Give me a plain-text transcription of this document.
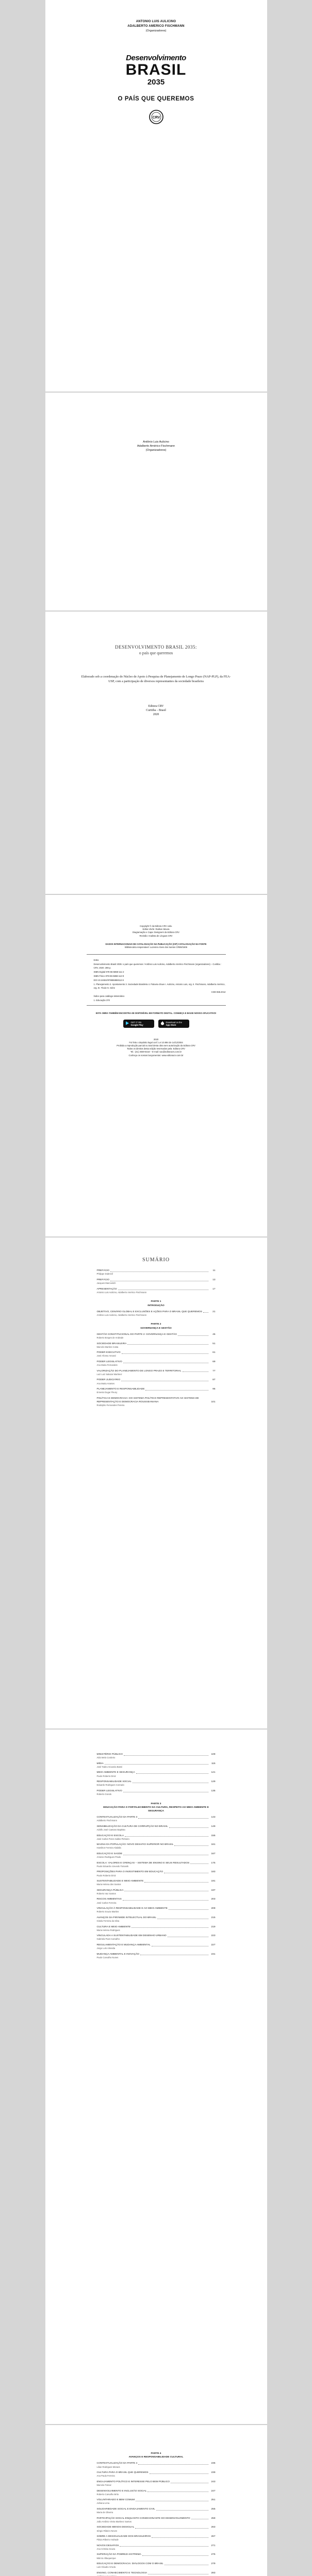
ANTONIO LUIS AULICINO
ADALBERTO AMERICO FISCHMANN
(Organizadores)
Desenvolvimento
BRASIL
2035
O PAÍS QUE QUEREMOS
CRV
Antônio Luis Aulicino
Adalberto Américo Fischmann
(Organizadores)
DESENVOLVIMENTO BRASIL 2035:
o país que queremos
Elaborado sob a coordenação do Núcleo de Apoio à Pesquisa de Planejamento de Longo Prazo (NAP-PLP), da FEA-USP, com a participação de diversos representantes da sociedade brasileira
Editora CRV
Curitiba – Brasil
2020
Copyright © da Editora CRV Ltda.
Editor-chefe: Railson Moura
Diagramação e Capa: Designers da Editora CRV
Revisão: Analista de Línguas CRV
DADOS INTERNACIONAIS DE CATALOGAÇÃO NA PUBLICAÇÃO (CIP) CATALOGAÇÃO NA FONTE
Bibliotecária responsável: Luzenira Alves dos Santos CRB9/1506
D451
Desenvolvimento Brasil 2035: o país que queremos / Antônio Luis Aulicino, Adalberto Américo Fischmann (organizadores) – Curitiba : CRV, 2020. 286 p.
ISBN Digital 978-65-5868-111-2
ISBN Físico 978-65-5868-112-9
DOI 10.24824/978655868112.9
1. Planejamento 2. Apontamento 3. Sociedade Brasileira 4. Palavra-chave I. Aulicino, Antonio Luis, org. II. Fischmann, Adalberto Américo, org. III. Título IV. Série
CDD 658.4012
Índice para catálogo sistemático
1. Educação 370
ESTA OBRA TAMBÉM ENCONTRA-SE DISPONÍVEL EM FORMATO DIGITAL. CONHEÇA E BAIXE NOSSO APLICATIVO!
GET IT ON
Google Play
Download on the
App Store
2020
Foi feito o depósito legal conf. Lei 10.994 de 14/12/2004
Proibida a reprodução parcial ou total desta obra sem autorização da Editora CRV
Todos os direitos desta edição reservados pela: Editora CRV
Tel.: (41) 3039-6418 – E-mail: sac@editoracrv.com.br
Conheça os nossos lançamentos: www.editoracrv.com.br
SUMÁRIO
PREFÁCIO	11
Philippe Dubrevil
PREFÁCIO	13
Jacques Marcovitch
APRESENTAÇÃO	17
Antonio Luis Aulicino, Adalberto Américo Fischmann
PARTE 1
INTRODUÇÃO
OBJETIVO, CENÁRIO GLOBAL E EXCLUSÕES E AÇÕES PARA O BRASIL QUE QUEREMOS	21
Antônio Luis Aulicino, Adalberto Américo Fischmann
PARTE 2
GOVERNANÇA E GESTÃO
GESTÃO CONSTITUCIONAL DO PARTE 2: GOVERNANÇA E GESTÃO	45
Roberto Borges de Andrade
SOCIEDADE BRASILEIRA	51
Marcelo Martins Costa
PODER EXECUTIVO	61
José Afonso Amaral
PODER LEGISLATIVO	69
Ana Maria Fernandes
VALORIZAÇÃO DO PLANEJAMENTO DE LONGO PRAZO E TERRITORIAL	77
Luiz Luiz Salazar Martinez
PODER JUDICIÁRIO	87
Ana Maria Arantes
PLANEJAMENTO E RESPONSABILIDADE	95
Ernesto Dugar Fleury
POLÍTICA E DEMOCRACIA: DO SISTEMA POLÍTICO REPRESENTATIVO AO SISTEMA DE REPRESENTAÇÃO E DEMOCRACIA ROUSSEANIANA	101
Rodolpho Fernandes Pereira
MINISTÉRIO PÚBLICO	109
Aldo Melo Cordeiro
MÍDIA	115
José Tadeu Gouveia Bassi
MEIO AMBIENTE E SEGURANÇA	121
Paulo Roberto Diniz
RESPONSABILIDADE SOCIAL	129
Eduardo Rodrigues Conrado
PODER LEGISLATIVO	135
Roberto Gondo
PARTE 3
EDUCAÇÃO PARA O FORTALECIMENTO DA CULTURA, RESPEITO AO MEIO AMBIENTE E SEGURANÇA
CONTEXTUALIZAÇÃO DA PARTE 3	143
Adalberto Fischmann
SENSIBILIZAÇÃO DA CULTURA DE CORRUPÇÃO NO BRASIL	149
Adolfo José Caetano Baptista
EDUCAÇÃO E ESCOLA	155
José Carlos Peres Salles Pinheiro
MAGNA DA POPULAÇÃO: NOVO DESAFIO SUPERIOR NO BRASIL	161
Hamilton Ferreira Abdalla
EDUCAÇÃO E SAÚDE	167
Antonio Rodrigues Prado
ESCOLA: VALORES E CRENÇAS – SISTEMA DE ENSINO E SEUS RESULTADOS	175
Paulo Eduardo Azevedo Tomanik
PROPOSIÇÕES PARA O INVESTIMENTO EM EDUCAÇÃO	183
Paulo Roberto Diniz
SUSTENTABILIDADE E MEIO AMBIENTE	191
Maria Helena dos Santos
SEGURANÇA PÚBLICA	197
Roberto Vaz Santos
RISCOS AMBIENTAIS	203
José Carlos Ferreira
VINCULAÇÃO À RESPONSABILIDADE E AO MEIO AMBIENTE	209
Roberto Souza Martins
AVANÇOS DA PIRÂMIDE INTELECTUAL DO BRASIL	215
Gisela Ferreira da Silva
CULTURA E MEIO AMBIENTE	219
Maria Helena Rodrigues
VINCULADA A SUSTENTABILIDADE EM DESENHO URBANO	223
Gabriela Paes Carvalho
REGULAMENTAÇÃO E MUDANÇA AMBIENTAL	227
Jorge Luís Almeida
MUDANÇA AMBIENTAL E INOVAÇÃO	231
Paulo Carvalho Nunes
PARTE 4
AVANÇOS E RESPONSABILIDADE CULTURAL
CONTEXTUALIZAÇÃO DA PARTE 4	235
Lilian Rodrigues Moraes
CULTURA PARA O BRASIL QUE QUEREMOS	239
Ana Paula Ferreira
ENGAJAMENTO POLÍTICO E INTERESSE PELO BEM PÚBLICO	243
Marcela Tomaz
DESENVOLVIMENTO E INCLUSÃO SOCIAL	247
Roberto Carvalho Brito
VOLUNTARIADO E BEM COMUM	251
Adriana Lima
SOLIDARIEDADE SOCIAL E ENGAJAMENTO CIVIL	255
Maria de Oliveira
PARTICIPAÇÃO SOCIAL ENQUANTO CONDICIONANTE DO DESENVOLVIMENTO	259
João Antônio Vieira Martinez Santos
SOCIEDADE MENOS DESIGUAL	263
Sérgio Ribeiro Neves
SOBRE A DESIGUALDADE DOS BRASILEIROS	267
Flávia Ribeiro Andrade
NOVOS DESAFIOS	271
Ana Cristina Souza
SUPERAÇÃO DA POBREZA EXTREMA	275
Márcio Albuquerque
EDUCAÇÃO E DEMOCRACIA: DIÁLOGOS COM O BRASIL	279
Luis Cláudio Arruda
ENSINO, CONHECIMENTO E TECNOLOGIA	283
